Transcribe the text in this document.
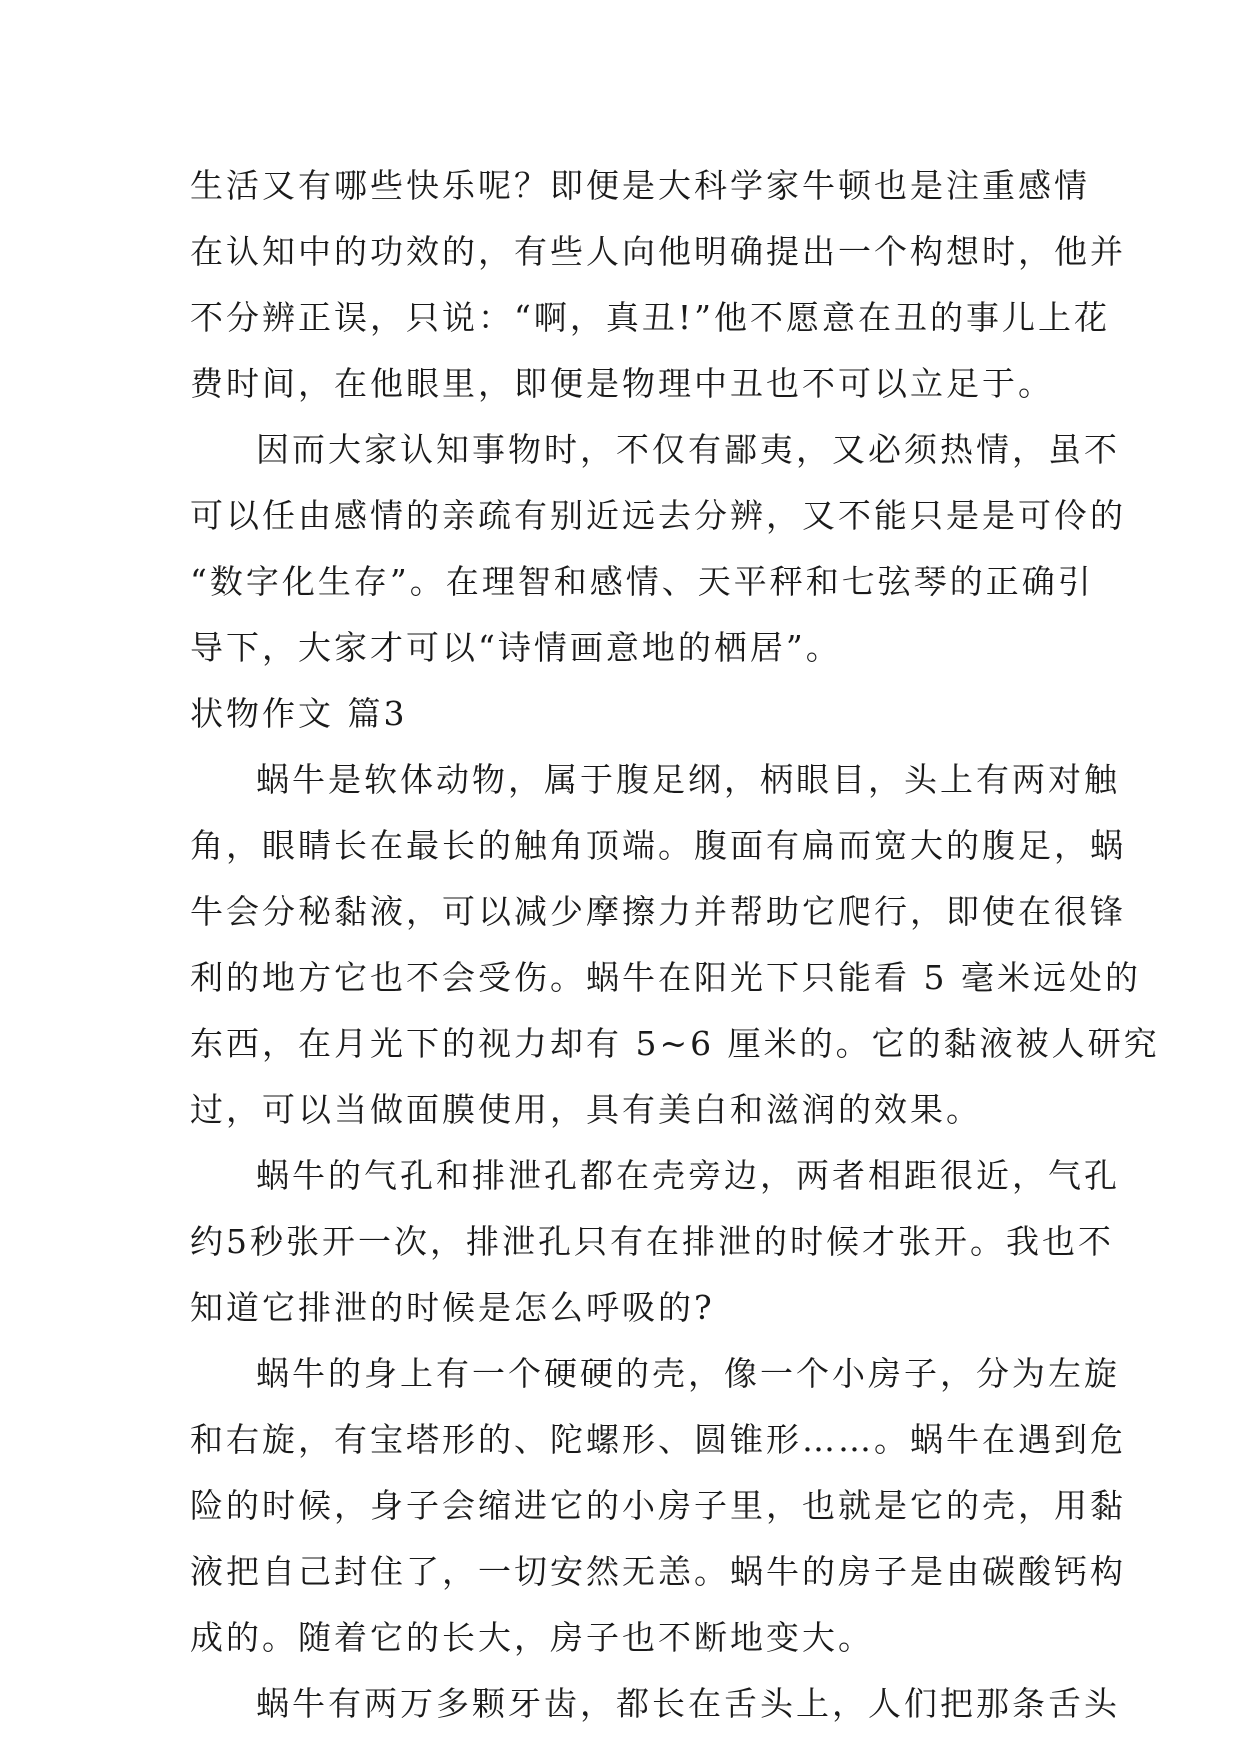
生活又有哪些快乐呢？即便是大科学家牛顿也是注重感情
在认知中的功效的，有些人向他明确提出一个构想时，他并
不分辨正误，只说：“啊，真丑!”他不愿意在丑的事儿上花
费时间，在他眼里，即便是物理中丑也不可以立足于。
因而大家认知事物时，不仅有鄙夷，又必须热情，虽不
可以任由感情的亲疏有别近远去分辨，又不能只是是可伶的
“数字化生存”。在理智和感情、天平秤和七弦琴的正确引
导下，大家才可以“诗情画意地的栖居”。
状物作文 篇3
蜗牛是软体动物，属于腹足纲，柄眼目，头上有两对触
角，眼睛长在最长的触角顶端。腹面有扁而宽大的腹足，蜗
牛会分秘黏液，可以减少摩擦力并帮助它爬行，即使在很锋
利的地方它也不会受伤。蜗牛在阳光下只能看 5 毫米远处的
东西，在月光下的视力却有 5~6 厘米的。它的黏液被人研究
过，可以当做面膜使用，具有美白和滋润的效果。
蜗牛的气孔和排泄孔都在壳旁边，两者相距很近，气孔
约5秒张开一次，排泄孔只有在排泄的时候才张开。我也不
知道它排泄的时候是怎么呼吸的?
蜗牛的身上有一个硬硬的壳，像一个小房子，分为左旋
和右旋，有宝塔形的、陀螺形、圆锥形……。蜗牛在遇到危
险的时候，身子会缩进它的小房子里，也就是它的壳，用黏
液把自己封住了，一切安然无恙。蜗牛的房子是由碳酸钙构
成的。随着它的长大，房子也不断地变大。
蜗牛有两万多颗牙齿，都长在舌头上，人们把那条舌头
